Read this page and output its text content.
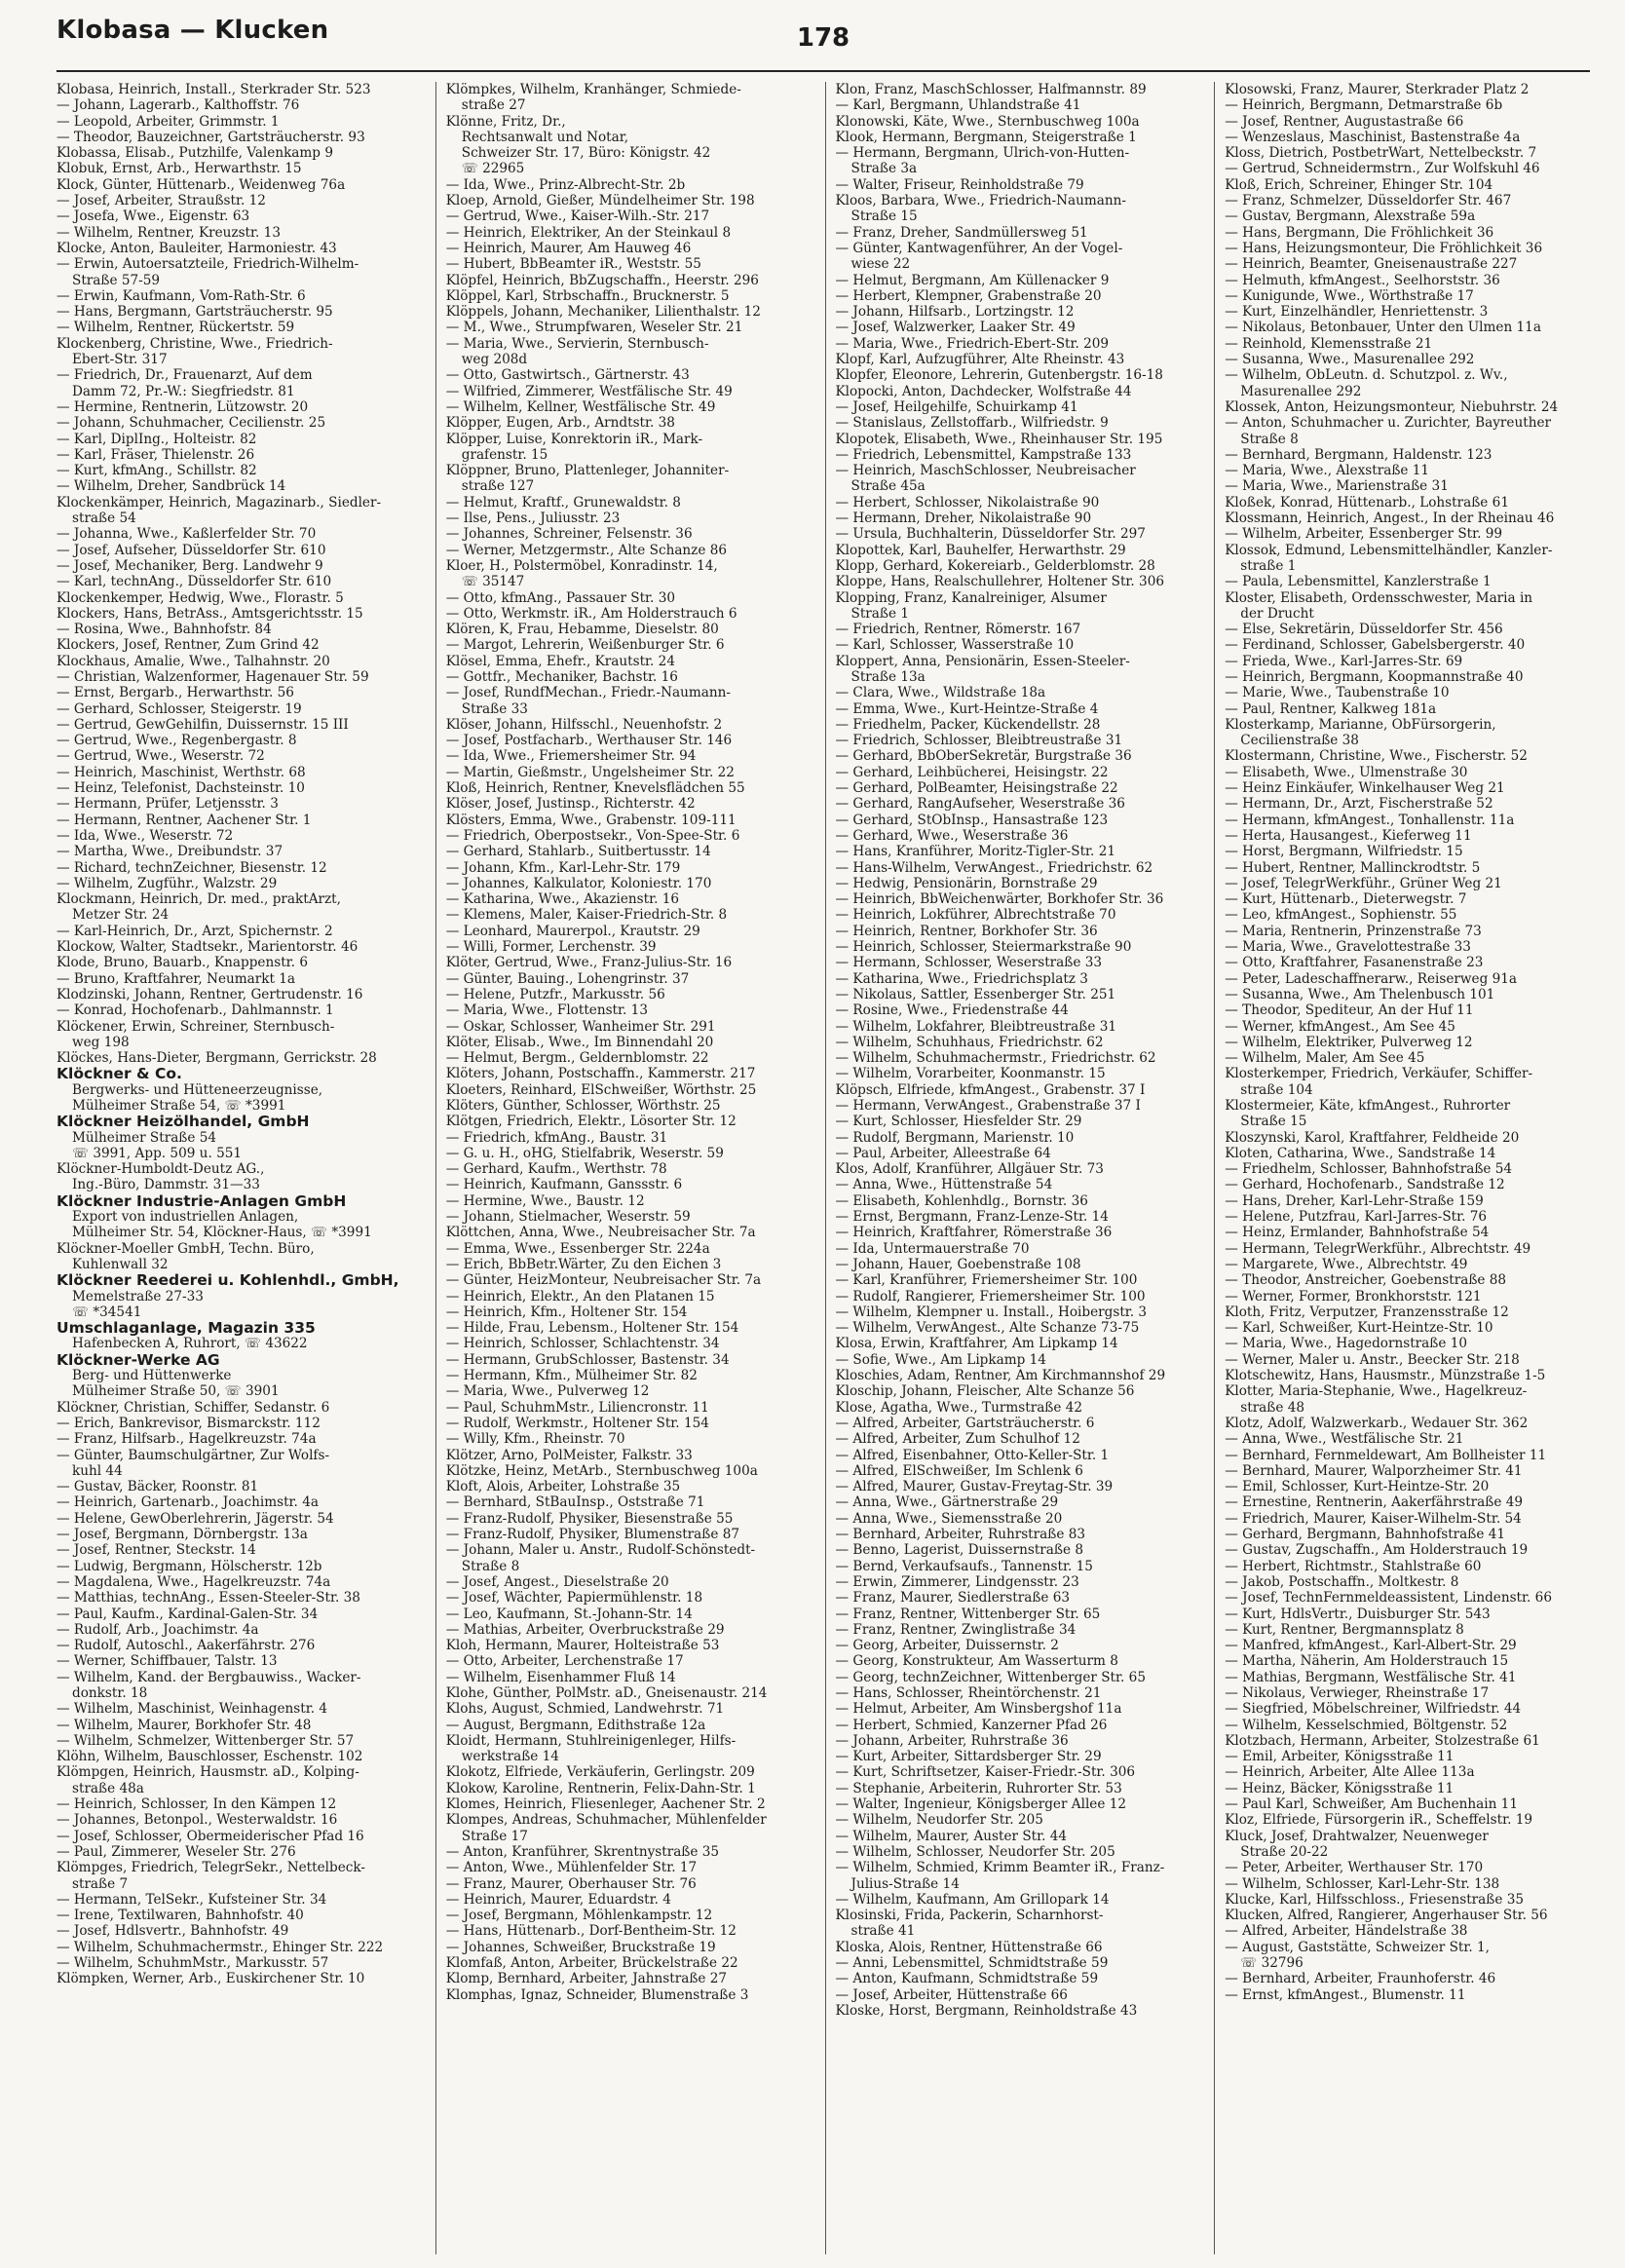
Klobasa — Klucken	178
Klobasa, Heinrich, Install., Sterkrader Str. 523
— Johann, Lagerarb., Kalthoffstr. 76
— Leopold, Arbeiter, Grimmstr. 1
— Theodor, Bauzeichner, Gartsträucherstr. 93
Klobassa, Elisab., Putzhilfe, Valenkamp 9
Klobuk, Ernst, Arb., Herwarthstr. 15
Klock, Günter, Hüttenarb., Weidenweg 76a
— Josef, Arbeiter, Straußstr. 12
— Josefa, Wwe., Eigenstr. 63
— Wilhelm, Rentner, Kreuzstr. 13
Klocke, Anton, Bauleiter, Harmoniestr. 43
— Erwin, Autoersatzteile, Friedrich-Wilhelm-
Straße 57-59
— Erwin, Kaufmann, Vom-Rath-Str. 6
— Hans, Bergmann, Gartsträucherstr. 95
— Wilhelm, Rentner, Rückertstr. 59
Klockenberg, Christine, Wwe., Friedrich-
Ebert-Str. 317
— Friedrich, Dr., Frauenarzt, Auf dem
Damm 72, Pr.-W.: Siegfriedstr. 81
— Hermine, Rentnerin, Lützowstr. 20
— Johann, Schuhmacher, Cecilienstr. 25
— Karl, DiplIng., Holteistr. 82
— Karl, Fräser, Thielenstr. 26
— Kurt, kfmAng., Schillstr. 82
— Wilhelm, Dreher, Sandbrück 14
Klockenkämper, Heinrich, Magazinarb., Siedler-
straße 54
— Johanna, Wwe., Kaßlerfelder Str. 70
— Josef, Aufseher, Düsseldorfer Str. 610
— Josef, Mechaniker, Berg. Landwehr 9
— Karl, technAng., Düsseldorfer Str. 610
Klockenkemper, Hedwig, Wwe., Florastr. 5
Klockers, Hans, BetrAss., Amtsgerichtsstr. 15
— Rosina, Wwe., Bahnhofstr. 84
Klockers, Josef, Rentner, Zum Grind 42
Klockhaus, Amalie, Wwe., Talhahnstr. 20
— Christian, Walzenformer, Hagenauer Str. 59
— Ernst, Bergarb., Herwarthstr. 56
— Gerhard, Schlosser, Steigerstr. 19
— Gertrud, GewGehilfin, Duissernstr. 15 III
— Gertrud, Wwe., Regenbergastr. 8
— Gertrud, Wwe., Weserstr. 72
— Heinrich, Maschinist, Werthstr. 68
— Heinz, Telefonist, Dachsteinstr. 10
— Hermann, Prüfer, Letjensstr. 3
— Hermann, Rentner, Aachener Str. 1
— Ida, Wwe., Weserstr. 72
— Martha, Wwe., Dreibundstr. 37
— Richard, technZeichner, Biesenstr. 12
— Wilhelm, Zugführ., Walzstr. 29
Klockmann, Heinrich, Dr. med., praktArzt,
Metzer Str. 24
— Karl-Heinrich, Dr., Arzt, Spichernstr. 2
Klockow, Walter, Stadtsekr., Marientorstr. 46
Klode, Bruno, Bauarb., Knappenstr. 6
— Bruno, Kraftfahrer, Neumarkt 1a
Klodzinski, Johann, Rentner, Gertrudenstr. 16
— Konrad, Hochofenarb., Dahlmannstr. 1
Klöckener, Erwin, Schreiner, Sternbusch-
weg 198
Klöckes, Hans-Dieter, Bergmann, Gerrickstr. 28
Klöckner & Co.
Bergwerks- und Hütteneerzeugnisse,
Mülheimer Straße 54, ☏ *3991
Klöckner Heizölhandel, GmbH
Mülheimer Straße 54
☏ 3991, App. 509 u. 551
Klöckner-Humboldt-Deutz AG.,
Ing.-Büro, Dammstr. 31—33
Klöckner Industrie-Anlagen GmbH
Export von industriellen Anlagen,
Mülheimer Str. 54, Klöckner-Haus, ☏ *3991
Klöckner-Moeller GmbH, Techn. Büro,
Kuhlenwall 32
Klöckner Reederei u. Kohlenhdl., GmbH,
Memelstraße 27-33
☏ *34541
Umschlaganlage, Magazin 335
Hafenbecken A, Ruhrort, ☏ 43622
Klöckner-Werke AG
Berg- und Hüttenwerke
Mülheimer Straße 50, ☏ 3901
Klöckner, Christian, Schiffer, Sedanstr. 6
— Erich, Bankrevisor, Bismarckstr. 112
— Franz, Hilfsarb., Hagelkreuzstr. 74a
— Günter, Baumschulgärtner, Zur Wolfs-
kuhl 44
— Gustav, Bäcker, Roonstr. 81
— Heinrich, Gartenarb., Joachimstr. 4a
— Helene, GewOberlehrerin, Jägerstr. 54
— Josef, Bergmann, Dörnbergstr. 13a
— Josef, Rentner, Steckstr. 14
— Ludwig, Bergmann, Hölscherstr. 12b
— Magdalena, Wwe., Hagelkreuzstr. 74a
— Matthias, technAng., Essen-Steeler-Str. 38
— Paul, Kaufm., Kardinal-Galen-Str. 34
— Rudolf, Arb., Joachimstr. 4a
— Rudolf, Autoschl., Aakerfährstr. 276
— Werner, Schiffbauer, Talstr. 13
— Wilhelm, Kand. der Bergbauwiss., Wacker-
donkstr. 18
— Wilhelm, Maschinist, Weinhagenstr. 4
— Wilhelm, Maurer, Borkhofer Str. 48
— Wilhelm, Schmelzer, Wittenberger Str. 57
Klöhn, Wilhelm, Bauschlosser, Eschenstr. 102
Klömpgen, Heinrich, Hausmstr. aD., Kolping-
straße 48a
— Heinrich, Schlosser, In den Kämpen 12
— Johannes, Betonpol., Westerwaldstr. 16
— Josef, Schlosser, Obermeiderischer Pfad 16
— Paul, Zimmerer, Weseler Str. 276
Klömpges, Friedrich, TelegrSekr., Nettelbeck-
straße 7
— Hermann, TelSekr., Kufsteiner Str. 34
— Irene, Textilwaren, Bahnhofstr. 40
— Josef, Hdlsvertr., Bahnhofstr. 49
— Wilhelm, Schuhmachermstr., Ehinger Str. 222
— Wilhelm, SchuhmMstr., Markusstr. 57
Klömpken, Werner, Arb., Euskirchener Str. 10
Klömpkes, Wilhelm, Kranhänger, Schmiede-
straße 27
Klönne, Fritz, Dr.,
Rechtsanwalt und Notar,
Schweizer Str. 17, Büro: Königstr. 42
☏ 22965
— Ida, Wwe., Prinz-Albrecht-Str. 2b
Kloep, Arnold, Gießer, Mündelheimer Str. 198
— Gertrud, Wwe., Kaiser-Wilh.-Str. 217
— Heinrich, Elektriker, An der Steinkaul 8
— Heinrich, Maurer, Am Hauweg 46
— Hubert, BbBeamter iR., Weststr. 55
Klöpfel, Heinrich, BbZugschaffn., Heerstr. 296
Klöppel, Karl, Strbschaffn., Brucknerstr. 5
Klöppels, Johann, Mechaniker, Lilienthalstr. 12
— M., Wwe., Strumpfwaren, Weseler Str. 21
— Maria, Wwe., Servierin, Sternbusch-
weg 208d
— Otto, Gastwirtsch., Gärtnerstr. 43
— Wilfried, Zimmerer, Westfälische Str. 49
— Wilhelm, Kellner, Westfälische Str. 49
Klöpper, Eugen, Arb., Arndtstr. 38
Klöpper, Luise, Konrektorin iR., Mark-
grafenstr. 15
Klöppner, Bruno, Plattenleger, Johanniter-
straße 127
— Helmut, Kraftf., Grunewaldstr. 8
— Ilse, Pens., Juliusstr. 23
— Johannes, Schreiner, Felsenstr. 36
— Werner, Metzgermstr., Alte Schanze 86
Kloer, H., Polstermöbel, Konradinstr. 14,
☏ 35147
— Otto, kfmAng., Passauer Str. 30
— Otto, Werkmstr. iR., Am Holderstrauch 6
Klören, K, Frau, Hebamme, Dieselstr. 80
— Margot, Lehrerin, Weißenburger Str. 6
Klösel, Emma, Ehefr., Krautstr. 24
— Gottfr., Mechaniker, Bachstr. 16
— Josef, RundfMechan., Friedr.-Naumann-
Straße 33
Klöser, Johann, Hilfsschl., Neuenhofstr. 2
— Josef, Postfacharb., Werthauser Str. 146
— Ida, Wwe., Friemersheimer Str. 94
— Martin, Gießmstr., Ungelsheimer Str. 22
Kloß, Heinrich, Rentner, Knevelsflädchen 55
Klöser, Josef, Justinsp., Richterstr. 42
Klösters, Emma, Wwe., Grabenstr. 109-111
— Friedrich, Oberpostsekr., Von-Spee-Str. 6
— Gerhard, Stahlarb., Suitbertusstr. 14
— Johann, Kfm., Karl-Lehr-Str. 179
— Johannes, Kalkulator, Koloniestr. 170
— Katharina, Wwe., Akazienstr. 16
— Klemens, Maler, Kaiser-Friedrich-Str. 8
— Leonhard, Maurerpol., Krautstr. 29
— Willi, Former, Lerchenstr. 39
Klöter, Gertrud, Wwe., Franz-Julius-Str. 16
— Günter, Bauing., Lohengrinstr. 37
— Helene, Putzfr., Markusstr. 56
— Maria, Wwe., Flottenstr. 13
— Oskar, Schlosser, Wanheimer Str. 291
Klöter, Elisab., Wwe., Im Binnendahl 20
— Helmut, Bergm., Geldernblomstr. 22
Klöters, Johann, Postschaffn., Kammerstr. 217
Kloeters, Reinhard, ElSchweißer, Wörthstr. 25
Klöters, Günther, Schlosser, Wörthstr. 25
Klötgen, Friedrich, Elektr., Lösorter Str. 12
— Friedrich, kfmAng., Baustr. 31
— G. u. H., oHG, Stielfabrik, Weserstr. 59
— Gerhard, Kaufm., Werthstr. 78
— Heinrich, Kaufmann, Ganssstr. 6
— Hermine, Wwe., Baustr. 12
— Johann, Stielmacher, Weserstr. 59
Klöttchen, Anna, Wwe., Neubreisacher Str. 7a
— Emma, Wwe., Essenberger Str. 224a
— Erich, BbBetr.Wärter, Zu den Eichen 3
— Günter, HeizMonteur, Neubreisacher Str. 7a
— Heinrich, Elektr., An den Platanen 15
— Heinrich, Kfm., Holtener Str. 154
— Hilde, Frau, Lebensm., Holtener Str. 154
— Heinrich, Schlosser, Schlachtenstr. 34
— Hermann, GrubSchlosser, Bastenstr. 34
— Hermann, Kfm., Mülheimer Str. 82
— Maria, Wwe., Pulverweg 12
— Paul, SchuhmMstr., Liliencronstr. 11
— Rudolf, Werkmstr., Holtener Str. 154
— Willy, Kfm., Rheinstr. 70
Klötzer, Arno, PolMeister, Falkstr. 33
Klötzke, Heinz, MetArb., Sternbuschweg 100a
Kloft, Alois, Arbeiter, Lohstraße 35
— Bernhard, StBauInsp., Oststraße 71
— Franz-Rudolf, Physiker, Biesenstraße 55
— Franz-Rudolf, Physiker, Blumenstraße 87
— Johann, Maler u. Anstr., Rudolf-Schönstedt-
Straße 8
— Josef, Angest., Dieselstraße 20
— Josef, Wächter, Papiermühlenstr. 18
— Leo, Kaufmann, St.-Johann-Str. 14
— Mathias, Arbeiter, Overbruckstraße 29
Kloh, Hermann, Maurer, Holteistraße 53
— Otto, Arbeiter, Lerchenstraße 17
— Wilhelm, Eisenhammer Fluß 14
Klohe, Günther, PolMstr. aD., Gneisenaustr. 214
Klohs, August, Schmied, Landwehrstr. 71
— August, Bergmann, Edithstraße 12a
Kloidt, Hermann, Stuhlreinigenleger, Hilfs-
werkstraße 14
Klokotz, Elfriede, Verkäuferin, Gerlingstr. 209
Klokow, Karoline, Rentnerin, Felix-Dahn-Str. 1
Klomes, Heinrich, Fliesenleger, Aachener Str. 2
Klompes, Andreas, Schuhmacher, Mühlenfelder
Straße 17
— Anton, Kranführer, Skrentnystraße 35
— Anton, Wwe., Mühlenfelder Str. 17
— Franz, Maurer, Oberhauser Str. 76
— Heinrich, Maurer, Eduardstr. 4
— Josef, Bergmann, Möhlenkampstr. 12
— Hans, Hüttenarb., Dorf-Bentheim-Str. 12
— Johannes, Schweißer, Bruckstraße 19
Klomfaß, Anton, Arbeiter, Brückelstraße 22
Klomp, Bernhard, Arbeiter, Jahnstraße 27
Klomphas, Ignaz, Schneider, Blumenstraße 3
Klon, Franz, MaschSchlosser, Halfmannstr. 89
— Karl, Bergmann, Uhlandstraße 41
Klonowski, Käte, Wwe., Sternbuschweg 100a
Klook, Hermann, Bergmann, Steigerstraße 1
— Hermann, Bergmann, Ulrich-von-Hutten-
Straße 3a
— Walter, Friseur, Reinholdstraße 79
Kloos, Barbara, Wwe., Friedrich-Naumann-
Straße 15
— Franz, Dreher, Sandmüllersweg 51
— Günter, Kantwagenführer, An der Vogel-
wiese 22
— Helmut, Bergmann, Am Küllenacker 9
— Herbert, Klempner, Grabenstraße 20
— Johann, Hilfsarb., Lortzingstr. 12
— Josef, Walzwerker, Laaker Str. 49
— Maria, Wwe., Friedrich-Ebert-Str. 209
Klopf, Karl, Aufzugführer, Alte Rheinstr. 43
Klopfer, Eleonore, Lehrerin, Gutenbergstr. 16-18
Klopocki, Anton, Dachdecker, Wolfstraße 44
— Josef, Heilgehilfe, Schuirkamp 41
— Stanislaus, Zellstoffarb., Wilfriedstr. 9
Klopotek, Elisabeth, Wwe., Rheinhauser Str. 195
— Friedrich, Lebensmittel, Kampstraße 133
— Heinrich, MaschSchlosser, Neubreisacher
Straße 45a
— Herbert, Schlosser, Nikolaistraße 90
— Hermann, Dreher, Nikolaistraße 90
— Ursula, Buchhalterin, Düsseldorfer Str. 297
Klopottek, Karl, Bauhelfer, Herwarthstr. 29
Klopp, Gerhard, Kokereiarb., Gelderblomstr. 28
Kloppe, Hans, Realschullehrer, Holtener Str. 306
Klopping, Franz, Kanalreiniger, Alsumer
Straße 1
— Friedrich, Rentner, Römerstr. 167
— Karl, Schlosser, Wasserstraße 10
Kloppert, Anna, Pensionärin, Essen-Steeler-
Straße 13a
— Clara, Wwe., Wildstraße 18a
— Emma, Wwe., Kurt-Heintze-Straße 4
— Friedhelm, Packer, Kückendellstr. 28
— Friedrich, Schlosser, Bleibtreustraße 31
— Gerhard, BbOberSekretär, Burgstraße 36
— Gerhard, Leihbücherei, Heisingstr. 22
— Gerhard, PolBeamter, Heisingstraße 22
— Gerhard, RangAufseher, Weserstraße 36
— Gerhard, StObInsp., Hansastraße 123
— Gerhard, Wwe., Weserstraße 36
— Hans, Kranführer, Moritz-Tigler-Str. 21
— Hans-Wilhelm, VerwAngest., Friedrichstr. 62
— Hedwig, Pensionärin, Bornstraße 29
— Heinrich, BbWeichenwärter, Borkhofer Str. 36
— Heinrich, Lokführer, Albrechtstraße 70
— Heinrich, Rentner, Borkhofer Str. 36
— Heinrich, Schlosser, Steiermarkstraße 90
— Hermann, Schlosser, Weserstraße 33
— Katharina, Wwe., Friedrichsplatz 3
— Nikolaus, Sattler, Essenberger Str. 251
— Rosine, Wwe., Friedenstraße 44
— Wilhelm, Lokfahrer, Bleibtreustraße 31
— Wilhelm, Schuhhaus, Friedrichstr. 62
— Wilhelm, Schuhmachermstr., Friedrichstr. 62
— Wilhelm, Vorarbeiter, Koonmanstr. 15
Klöpsch, Elfriede, kfmAngest., Grabenstr. 37 I
— Hermann, VerwAngest., Grabenstraße 37 I
— Kurt, Schlosser, Hiesfelder Str. 29
— Rudolf, Bergmann, Marienstr. 10
— Paul, Arbeiter, Alleestraße 64
Klos, Adolf, Kranführer, Allgäuer Str. 73
— Anna, Wwe., Hüttenstraße 54
— Elisabeth, Kohlenhdlg., Bornstr. 36
— Ernst, Bergmann, Franz-Lenze-Str. 14
— Heinrich, Kraftfahrer, Römerstraße 36
— Ida, Untermauerstraße 70
— Johann, Hauer, Goebenstraße 108
— Karl, Kranführer, Friemersheimer Str. 100
— Rudolf, Rangierer, Friemersheimer Str. 100
— Wilhelm, Klempner u. Install., Hoibergstr. 3
— Wilhelm, VerwAngest., Alte Schanze 73-75
Klosa, Erwin, Kraftfahrer, Am Lipkamp 14
— Sofie, Wwe., Am Lipkamp 14
Kloschies, Adam, Rentner, Am Kirchmannshof 29
Kloschip, Johann, Fleischer, Alte Schanze 56
Klose, Agatha, Wwe., Turmstraße 42
— Alfred, Arbeiter, Gartsträucherstr. 6
— Alfred, Arbeiter, Zum Schulhof 12
— Alfred, Eisenbahner, Otto-Keller-Str. 1
— Alfred, ElSchweißer, Im Schlenk 6
— Alfred, Maurer, Gustav-Freytag-Str. 39
— Anna, Wwe., Gärtnerstraße 29
— Anna, Wwe., Siemensstraße 20
— Bernhard, Arbeiter, Ruhrstraße 83
— Benno, Lagerist, Duissernstraße 8
— Bernd, Verkaufsaufs., Tannenstr. 15
— Erwin, Zimmerer, Lindgensstr. 23
— Franz, Maurer, Siedlerstraße 63
— Franz, Rentner, Wittenberger Str. 65
— Franz, Rentner, Zwinglistraße 34
— Georg, Arbeiter, Duissernstr. 2
— Georg, Konstrukteur, Am Wasserturm 8
— Georg, technZeichner, Wittenberger Str. 65
— Hans, Schlosser, Rheintörchenstr. 21
— Helmut, Arbeiter, Am Winsbergshof 11a
— Herbert, Schmied, Kanzerner Pfad 26
— Johann, Arbeiter, Ruhrstraße 36
— Kurt, Arbeiter, Sittardsberger Str. 29
— Kurt, Schriftsetzer, Kaiser-Friedr.-Str. 306
— Stephanie, Arbeiterin, Ruhrorter Str. 53
— Walter, Ingenieur, Königsberger Allee 12
— Wilhelm, Neudorfer Str. 205
— Wilhelm, Maurer, Auster Str. 44
— Wilhelm, Schlosser, Neudorfer Str. 205
— Wilhelm, Schmied, Krimm Beamter iR., Franz-
Julius-Straße 14
— Wilhelm, Kaufmann, Am Grillopark 14
Klosinski, Frida, Packerin, Scharnhorst-
straße 41
Kloska, Alois, Rentner, Hüttenstraße 66
— Anni, Lebensmittel, Schmidtstraße 59
— Anton, Kaufmann, Schmidtstraße 59
— Josef, Arbeiter, Hüttenstraße 66
Kloske, Horst, Bergmann, Reinholdstraße 43
Klosowski, Franz, Maurer, Sterkrader Platz 2
— Heinrich, Bergmann, Detmarstraße 6b
— Josef, Rentner, Augustastraße 66
— Wenzeslaus, Maschinist, Bastenstraße 4a
Kloss, Dietrich, PostbetrWart, Nettelbeckstr. 7
— Gertrud, Schneidermstrn., Zur Wolfskuhl 46
Kloß, Erich, Schreiner, Ehinger Str. 104
— Franz, Schmelzer, Düsseldorfer Str. 467
— Gustav, Bergmann, Alexstraße 59a
— Hans, Bergmann, Die Fröhlichkeit 36
— Hans, Heizungsmonteur, Die Fröhlichkeit 36
— Heinrich, Beamter, Gneisenaustraße 227
— Helmuth, kfmAngest., Seelhorststr. 36
— Kunigunde, Wwe., Wörthstraße 17
— Kurt, Einzelhändler, Henriettenstr. 3
— Nikolaus, Betonbauer, Unter den Ulmen 11a
— Reinhold, Klemensstraße 21
— Susanna, Wwe., Masurenallee 292
— Wilhelm, ObLeutn. d. Schutzpol. z. Wv.,
Masurenallee 292
Klossek, Anton, Heizungsmonteur, Niebuhrstr. 24
— Anton, Schuhmacher u. Zurichter, Bayreuther
Straße 8
— Bernhard, Bergmann, Haldenstr. 123
— Maria, Wwe., Alexstraße 11
— Maria, Wwe., Marienstraße 31
Kloßek, Konrad, Hüttenarb., Lohstraße 61
Klossmann, Heinrich, Angest., In der Rheinau 46
— Wilhelm, Arbeiter, Essenberger Str. 99
Klossok, Edmund, Lebensmittelhändler, Kanzler-
straße 1
— Paula, Lebensmittel, Kanzlerstraße 1
Kloster, Elisabeth, Ordensschwester, Maria in
der Drucht
— Else, Sekretärin, Düsseldorfer Str. 456
— Ferdinand, Schlosser, Gabelsbergerstr. 40
— Frieda, Wwe., Karl-Jarres-Str. 69
— Heinrich, Bergmann, Koopmannstraße 40
— Marie, Wwe., Taubenstraße 10
— Paul, Rentner, Kalkweg 181a
Klosterkamp, Marianne, ObFürsorgerin,
Cecilienstraße 38
Klostermann, Christine, Wwe., Fischerstr. 52
— Elisabeth, Wwe., Ulmenstraße 30
— Heinz Einkäufer, Winkelhauser Weg 21
— Hermann, Dr., Arzt, Fischerstraße 52
— Hermann, kfmAngest., Tonhallenstr. 11a
— Herta, Hausangest., Kieferweg 11
— Horst, Bergmann, Wilfriedstr. 15
— Hubert, Rentner, Mallinckrodtstr. 5
— Josef, TelegrWerkführ., Grüner Weg 21
— Kurt, Hüttenarb., Dieterwegstr. 7
— Leo, kfmAngest., Sophienstr. 55
— Maria, Rentnerin, Prinzenstraße 73
— Maria, Wwe., Gravelottestraße 33
— Otto, Kraftfahrer, Fasanenstraße 23
— Peter, Ladeschaffnerarw., Reiserweg 91a
— Susanna, Wwe., Am Thelenbusch 101
— Theodor, Spediteur, An der Huf 11
— Werner, kfmAngest., Am See 45
— Wilhelm, Elektriker, Pulverweg 12
— Wilhelm, Maler, Am See 45
Klosterkemper, Friedrich, Verkäufer, Schiffer-
straße 104
Klostermeier, Käte, kfmAngest., Ruhrorter
Straße 15
Kloszynski, Karol, Kraftfahrer, Feldheide 20
Kloten, Catharina, Wwe., Sandstraße 14
— Friedhelm, Schlosser, Bahnhofstraße 54
— Gerhard, Hochofenarb., Sandstraße 12
— Hans, Dreher, Karl-Lehr-Straße 159
— Helene, Putzfrau, Karl-Jarres-Str. 76
— Heinz, Ermlander, Bahnhofstraße 54
— Hermann, TelegrWerkführ., Albrechtstr. 49
— Margarete, Wwe., Albrechtstr. 49
— Theodor, Anstreicher, Goebenstraße 88
— Werner, Former, Bronkhorststr. 121
Kloth, Fritz, Verputzer, Franzensstraße 12
— Karl, Schweißer, Kurt-Heintze-Str. 10
— Maria, Wwe., Hagedornstraße 10
— Werner, Maler u. Anstr., Beecker Str. 218
Klotschewitz, Hans, Hausmstr., Münzstraße 1-5
Klotter, Maria-Stephanie, Wwe., Hagelkreuz-
straße 48
Klotz, Adolf, Walzwerkarb., Wedauer Str. 362
— Anna, Wwe., Westfälische Str. 21
— Bernhard, Fernmeldewart, Am Bollheister 11
— Bernhard, Maurer, Walporzheimer Str. 41
— Emil, Schlosser, Kurt-Heintze-Str. 20
— Ernestine, Rentnerin, Aakerfährstraße 49
— Friedrich, Maurer, Kaiser-Wilhelm-Str. 54
— Gerhard, Bergmann, Bahnhofstraße 41
— Gustav, Zugschaffn., Am Holderstrauch 19
— Herbert, Richtmstr., Stahlstraße 60
— Jakob, Postschaffn., Moltkestr. 8
— Josef, TechnFernmeldeassistent, Lindenstr. 66
— Kurt, HdlsVertr., Duisburger Str. 543
— Kurt, Rentner, Bergmannsplatz 8
— Manfred, kfmAngest., Karl-Albert-Str. 29
— Martha, Näherin, Am Holderstrauch 15
— Mathias, Bergmann, Westfälische Str. 41
— Nikolaus, Verwieger, Rheinstraße 17
— Siegfried, Möbelschreiner, Wilfriedstr. 44
— Wilhelm, Kesselschmied, Böltgenstr. 52
Klotzbach, Hermann, Arbeiter, Stolzestraße 61
— Emil, Arbeiter, Königsstraße 11
— Heinrich, Arbeiter, Alte Allee 113a
— Heinz, Bäcker, Königsstraße 11
— Paul Karl, Schweißer, Am Buchenhain 11
Kloz, Elfriede, Fürsorgerin iR., Scheffelstr. 19
Kluck, Josef, Drahtwalzer, Neuenweger
Straße 20-22
— Peter, Arbeiter, Werthauser Str. 170
— Wilhelm, Schlosser, Karl-Lehr-Str. 138
Klucke, Karl, Hilfsschloss., Friesenstraße 35
Klucken, Alfred, Rangierer, Angerhauser Str. 56
— Alfred, Arbeiter, Händelstraße 38
— August, Gaststätte, Schweizer Str. 1,
☏ 32796
— Bernhard, Arbeiter, Fraunhoferstr. 46
— Ernst, kfmAngest., Blumenstr. 11
